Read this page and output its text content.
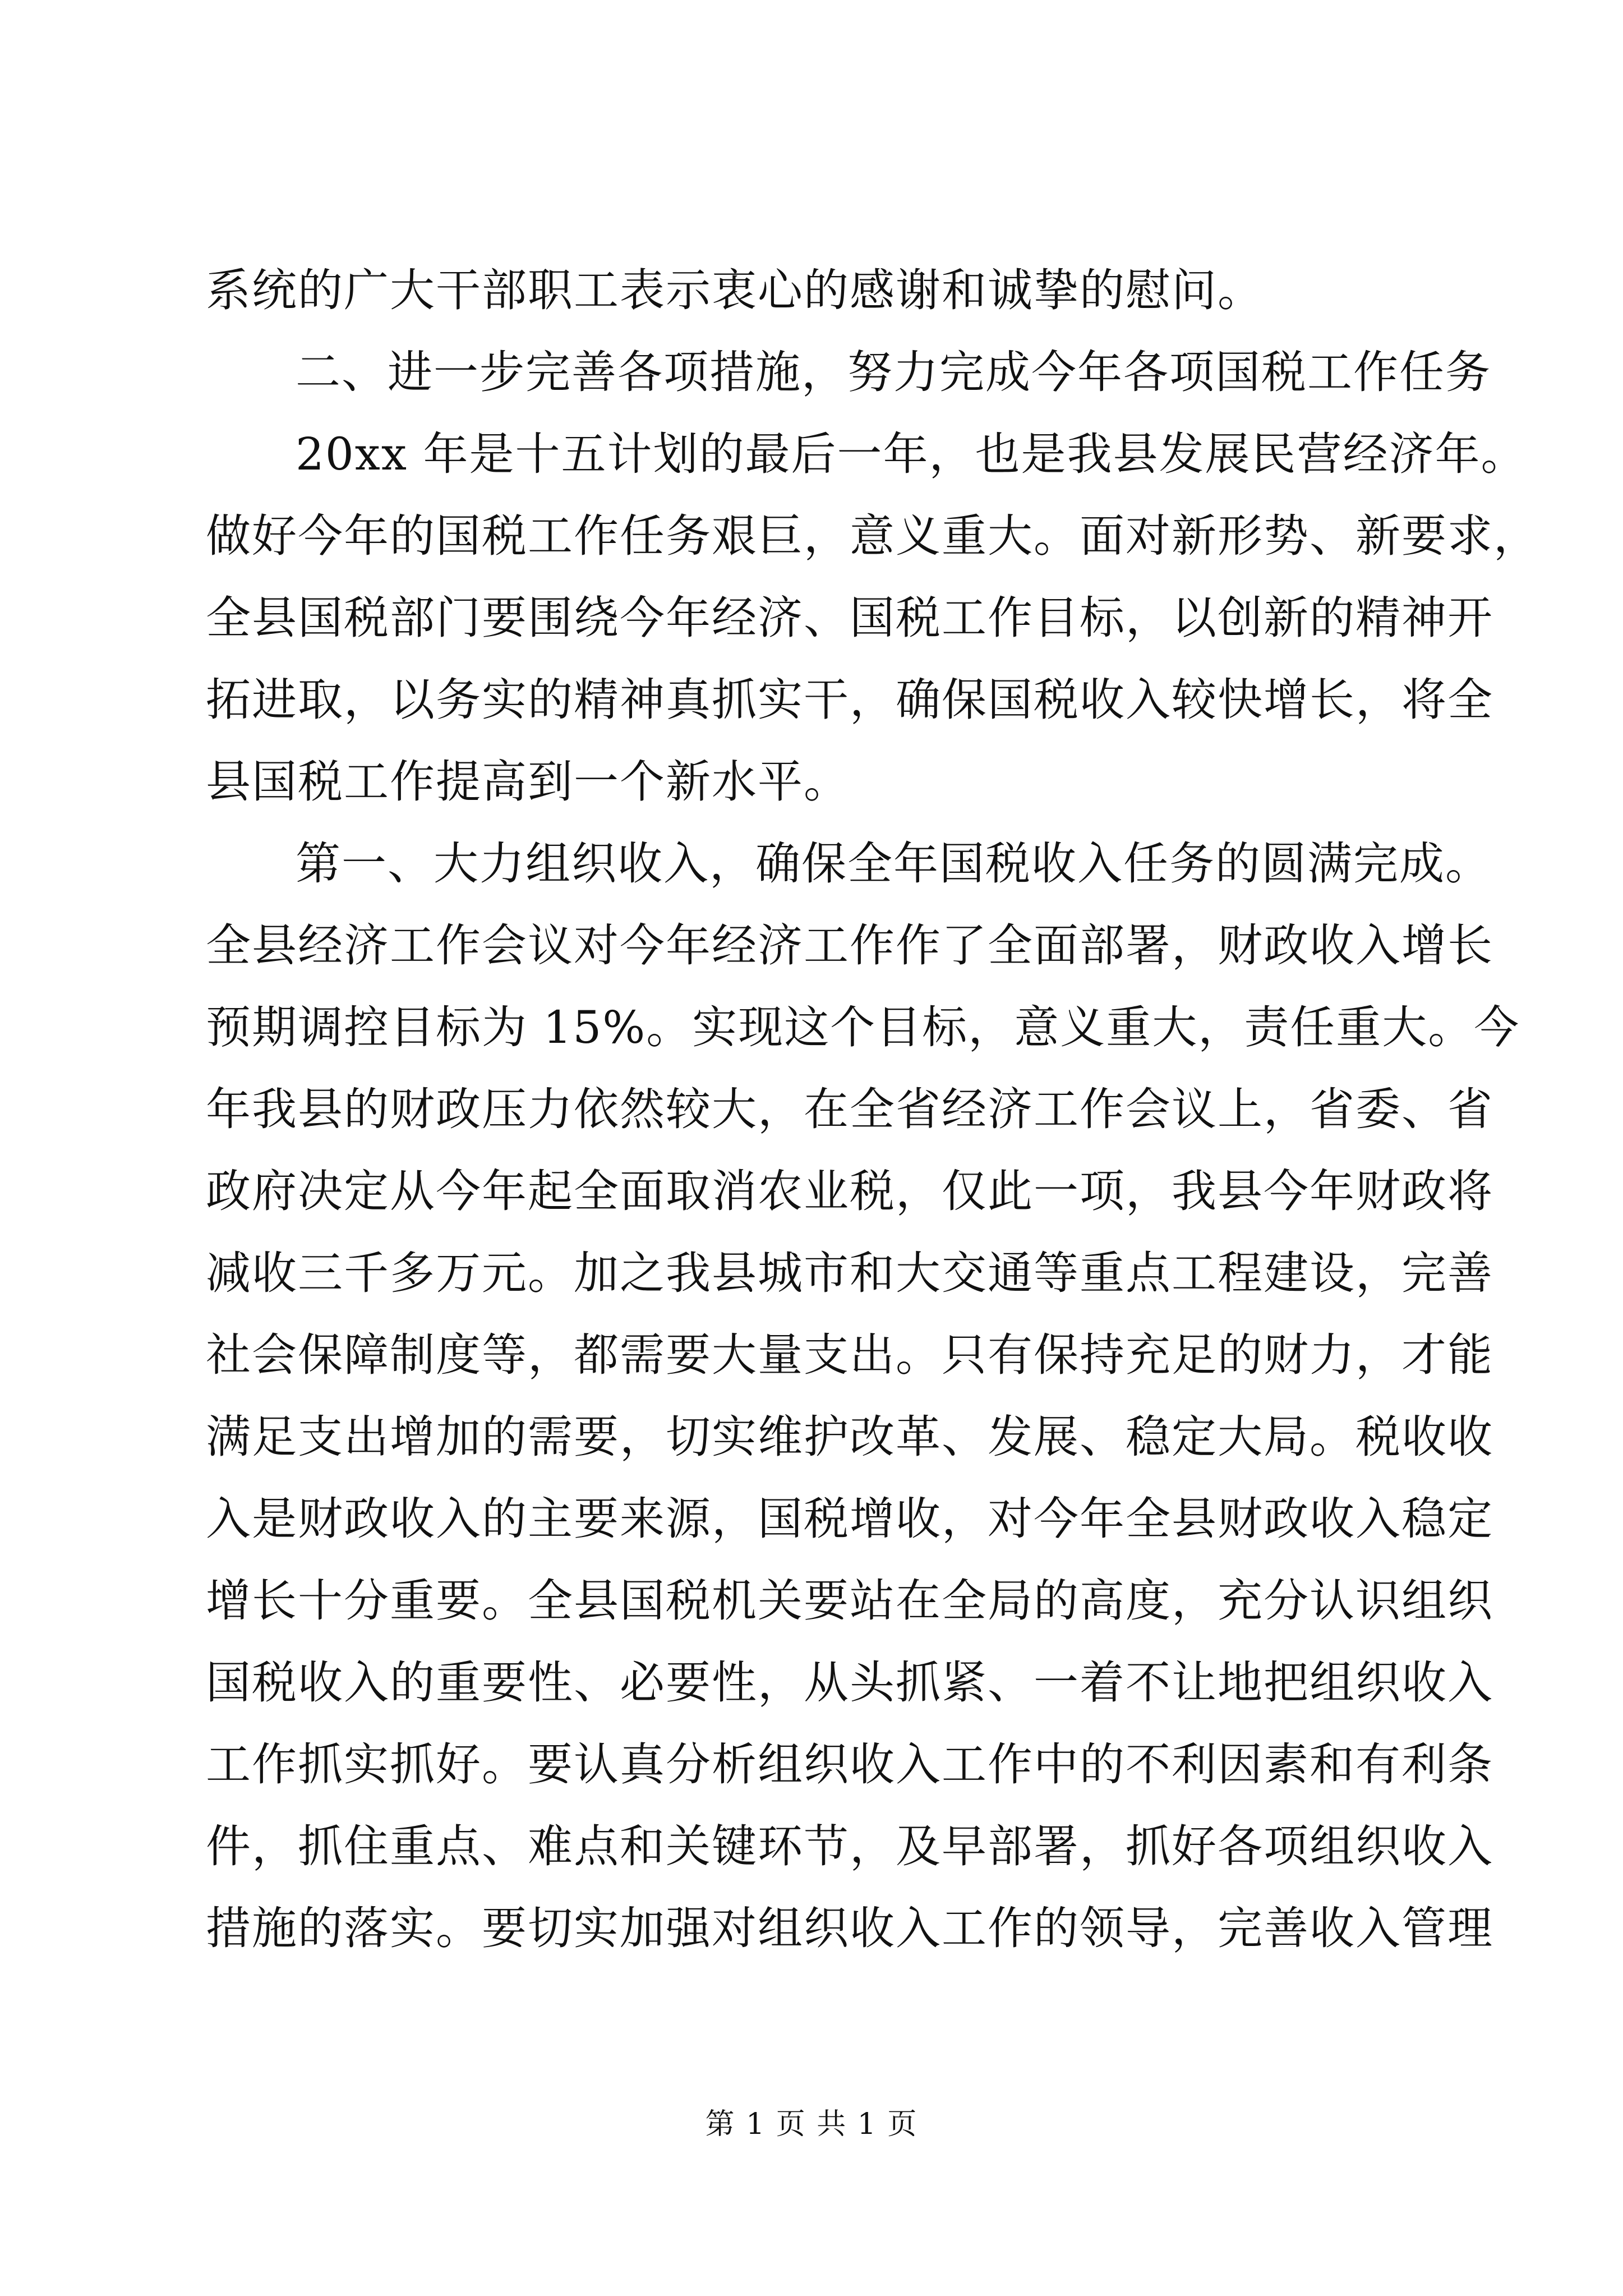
系统的广大干部职工表示衷心的感谢和诚挚的慰问。
二、进一步完善各项措施，努力完成今年各项国税工作任务
20xx 年是十五计划的最后一年，也是我县发展民营经济年。
做好今年的国税工作任务艰巨，意义重大。面对新形势、新要求，
全县国税部门要围绕今年经济、国税工作目标，以创新的精神开
拓进取，以务实的精神真抓实干，确保国税收入较快增长，将全
县国税工作提高到一个新水平。
第一、大力组织收入，确保全年国税收入任务的圆满完成。
全县经济工作会议对今年经济工作作了全面部署，财政收入增长
预期调控目标为 15%。实现这个目标，意义重大，责任重大。今
年我县的财政压力依然较大，在全省经济工作会议上，省委、省
政府决定从今年起全面取消农业税，仅此一项，我县今年财政将
减收三千多万元。加之我县城市和大交通等重点工程建设，完善
社会保障制度等，都需要大量支出。只有保持充足的财力，才能
满足支出增加的需要，切实维护改革、发展、稳定大局。税收收
入是财政收入的主要来源，国税增收，对今年全县财政收入稳定
增长十分重要。全县国税机关要站在全局的高度，充分认识组织
国税收入的重要性、必要性，从头抓紧、一着不让地把组织收入
工作抓实抓好。要认真分析组织收入工作中的不利因素和有利条
件，抓住重点、难点和关键环节，及早部署，抓好各项组织收入
措施的落实。要切实加强对组织收入工作的领导，完善收入管理
第 1 页 共 1 页
